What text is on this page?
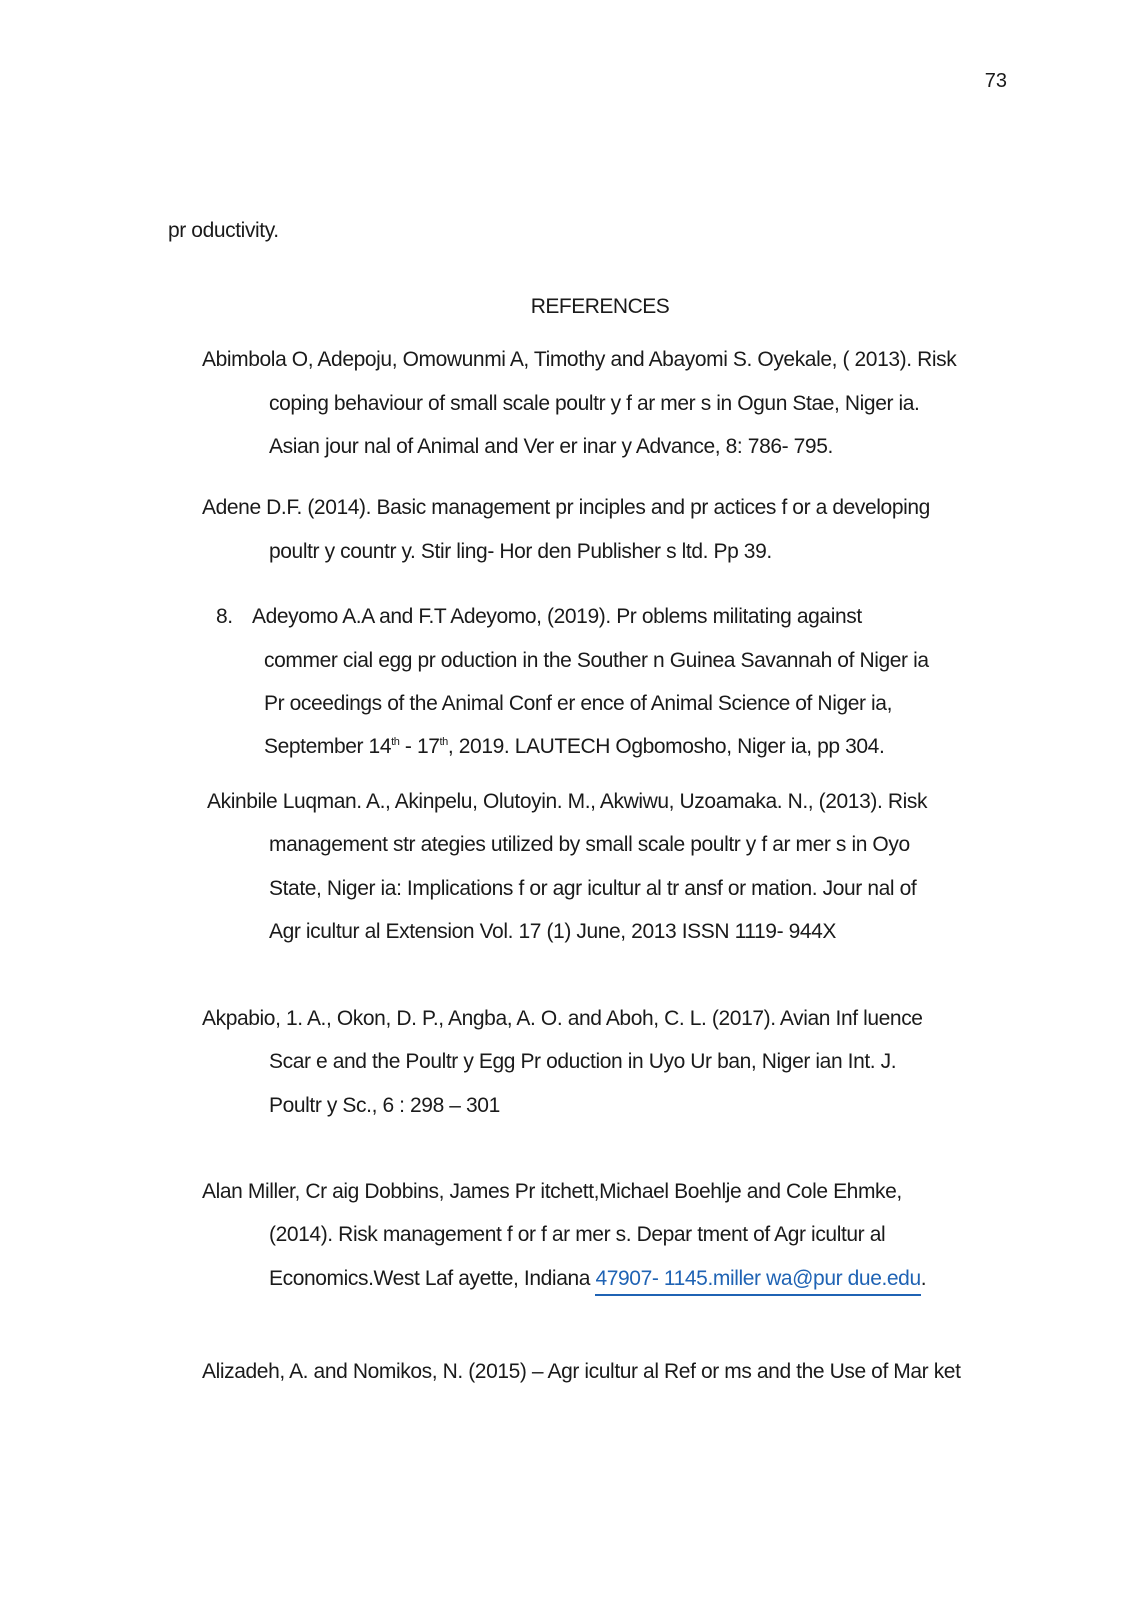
73
pr oductivity.
REFERENCES
Abimbola O, Adepoju, Omowunmi A, Timothy and Abayomi S. Oyekale, ( 2013). Risk
coping behaviour of small scale poultr y f ar mer s in Ogun Stae, Niger ia.
Asian jour nal of Animal and Ver er inar y Advance, 8: 786- 795.
Adene D.F. (2014). Basic management pr inciples and pr actices f or a developing
poultr y countr y. Stir ling- Hor den Publisher s ltd. Pp 39.
8. Adeyomo A.A and F.T Adeyomo, (2019). Pr oblems militating against
commer cial egg pr oduction in the Souther n Guinea Savannah of Niger ia
Pr oceedings of the Animal Conf er ence of Animal Science of Niger ia,
September 14th - 17th, 2019. LAUTECH Ogbomosho, Niger ia, pp 304.
Akinbile Luqman. A., Akinpelu, Olutoyin. M., Akwiwu, Uzoamaka. N., (2013). Risk
management str ategies utilized by small scale poultr y f ar mer s in Oyo
State, Niger ia: Implications f or agr icultur al tr ansf or mation. Jour nal of
Agr icultur al Extension Vol. 17 (1) June, 2013 ISSN 1119- 944X
Akpabio, 1. A., Okon, D. P., Angba, A. O. and Aboh, C. L. (2017). Avian Inf luence
Scar e and the Poultr y Egg Pr oduction in Uyo Ur ban, Niger ian Int. J.
Poultr y Sc., 6 : 298 – 301
Alan Miller, Cr aig Dobbins, James Pr itchett,Michael Boehlje and Cole Ehmke,
(2014). Risk management f or f ar mer s. Depar tment of Agr icultur al
Economics.West Laf ayette, Indiana 47907- 1145.miller wa@pur due.edu.
Alizadeh, A. and Nomikos, N. (2015) – Agr icultur al Ref or ms and the Use of Mar ket
